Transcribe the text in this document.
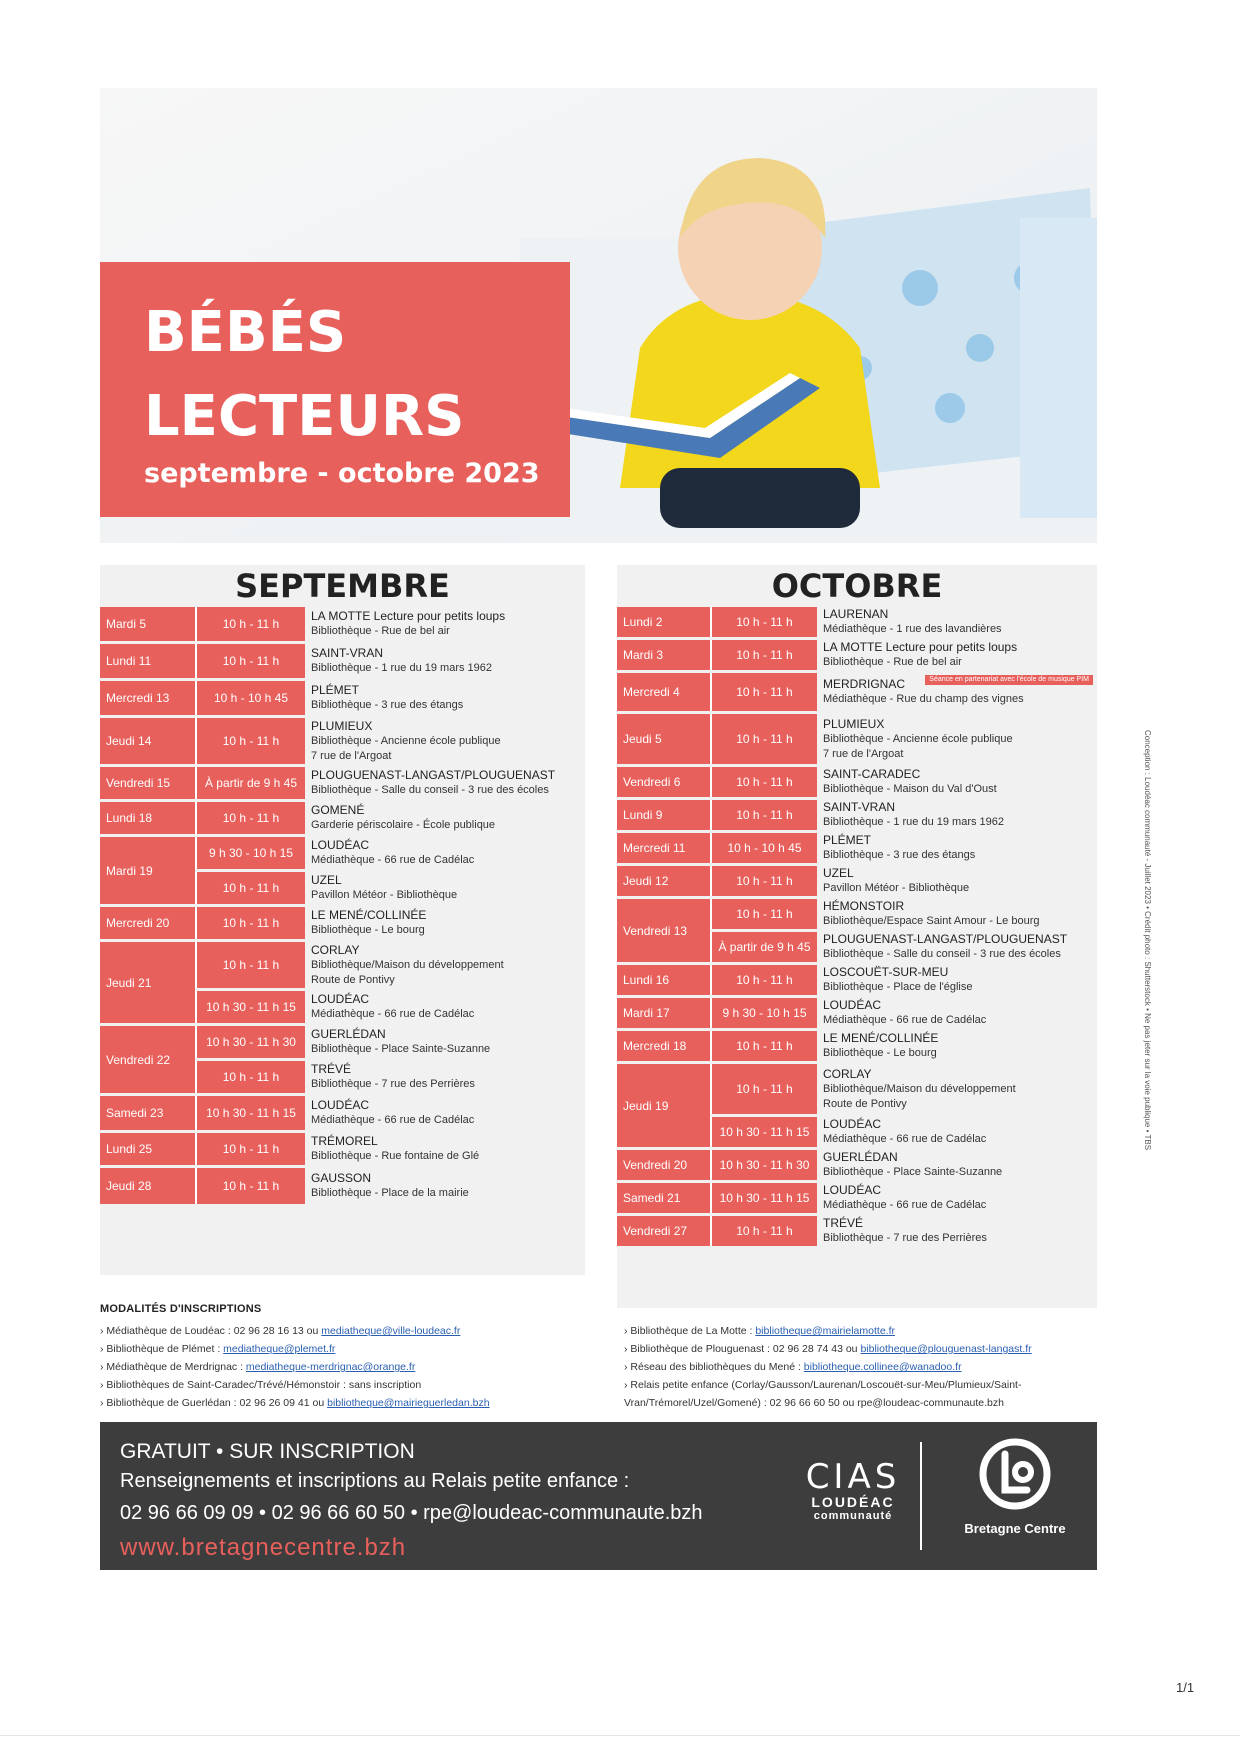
BÉBÉS
LECTEURS
septembre - octobre 2023
SEPTEMBRE
Mardi 5	10 h - 11 h	LA MOTTE Lecture pour petits loups
Bibliothèque - Rue de bel air

Lundi 11	10 h - 11 h	SAINT-VRAN
Bibliothèque - 1 rue du 19 mars 1962

Mercredi 13	10 h - 10 h 45	PLÉMET
Bibliothèque - 3 rue des étangs

Jeudi 14	10 h - 11 h	PLUMIEUX
Bibliothèque - Ancienne école publique
7 rue de l'Argoat

Vendredi 15	À partir de 9 h 45	PLOUGUENAST-LANGAST/PLOUGUENAST
Bibliothèque - Salle du conseil - 3 rue des écoles

Lundi 18	10 h - 11 h	GOMENÉ
Garderie périscolaire - École publique

Mardi 19	9 h 30 - 10 h 15	LOUDÉAC
Médiathèque - 66 rue de Cadélac

	10 h - 11 h	UZEL
Pavillon Météor - Bibliothèque

Mercredi 20	10 h - 11 h	LE MENÉ/COLLINÉE
Bibliothèque - Le bourg

Jeudi 21	10 h - 11 h	CORLAY
Bibliothèque/Maison du développement
Route de Pontivy

	10 h 30 - 11 h 15	LOUDÉAC
Médiathèque - 66 rue de Cadélac

Vendredi 22	10 h 30 - 11 h 30	GUERLÉDAN
Bibliothèque - Place Sainte-Suzanne

	10 h - 11 h	TRÉVÉ
Bibliothèque - 7 rue des Perrières

Samedi 23	10 h 30 - 11 h 15	LOUDÉAC
Médiathèque - 66 rue de Cadélac

Lundi 25	10 h - 11 h	TRÉMOREL
Bibliothèque - Rue fontaine de Glé

Jeudi 28	10 h - 11 h	GAUSSON
Bibliothèque - Place de la mairie
OCTOBRE
Lundi 2	10 h - 11 h	LAURENAN
Médiathèque - 1 rue des lavandières

Mardi 3	10 h - 11 h	LA MOTTE Lecture pour petits loups
Bibliothèque - Rue de bel air

Mercredi 4	10 h - 11 h	MERDRIGNAC Séance en partenariat avec l'école de musique PIM
Médiathèque - Rue du champ des vignes

Jeudi 5	10 h - 11 h	PLUMIEUX
Bibliothèque - Ancienne école publique
7 rue de l'Argoat

Vendredi 6	10 h - 11 h	SAINT-CARADEC
Bibliothèque - Maison du Val d'Oust

Lundi 9	10 h - 11 h	SAINT-VRAN
Bibliothèque - 1 rue du 19 mars 1962

Mercredi 11	10 h - 10 h 45	PLÉMET
Bibliothèque - 3 rue des étangs

Jeudi 12	10 h - 11 h	UZEL
Pavillon Météor - Bibliothèque

Vendredi 13	10 h - 11 h	HÉMONSTOIR
Bibliothèque/Espace Saint Amour - Le bourg

	À partir de 9 h 45	PLOUGUENAST-LANGAST/PLOUGUENAST
Bibliothèque - Salle du conseil - 3 rue des écoles

Lundi 16	10 h - 11 h	LOSCOUËT-SUR-MEU
Bibliothèque - Place de l'église

Mardi 17	9 h 30 - 10 h 15	LOUDÉAC
Médiathèque - 66 rue de Cadélac

Mercredi 18	10 h - 11 h	LE MENÉ/COLLINÉE
Bibliothèque - Le bourg

Jeudi 19	10 h - 11 h	CORLAY
Bibliothèque/Maison du développement
Route de Pontivy

	10 h 30 - 11 h 15	LOUDÉAC
Médiathèque - 66 rue de Cadélac

Vendredi 20	10 h 30 - 11 h 30	GUERLÉDAN
Bibliothèque - Place Sainte-Suzanne

Samedi 21	10 h 30 - 11 h 15	LOUDÉAC
Médiathèque - 66 rue de Cadélac

Vendredi 27	10 h - 11 h	TRÉVÉ
Bibliothèque - 7 rue des Perrières
MODALITÉS D'INSCRIPTIONS
› Médiathèque de Loudéac : 02 96 28 16 13 ou mediatheque@ville-loudeac.fr
› Bibliothèque de Plémet : mediatheque@plemet.fr
› Médiathèque de Merdrignac : mediatheque-merdrignac@orange.fr
› Bibliothèques de Saint-Caradec/Trévé/Hémonstoir : sans inscription
› Bibliothèque de Guerlédan : 02 96 26 09 41 ou bibliotheque@mairieguerledan.bzh
› Bibliothèque de La Motte : bibliotheque@mairielamotte.fr
› Bibliothèque de Plouguenast : 02 96 28 74 43 ou bibliotheque@plouguenast-langast.fr
› Réseau des bibliothèques du Mené : bibliotheque.collinee@wanadoo.fr
› Relais petite enfance (Corlay/Gausson/Laurenan/Loscouët-sur-Meu/Plumieux/Saint-Vran/Trémorel/Uzel/Gomené) : 02 96 66 60 50 ou rpe@loudeac-communaute.bzh
GRATUIT • SUR INSCRIPTION
Renseignements et inscriptions au Relais petite enfance :
02 96 66 09 09 • 02 96 66 60 50 • rpe@loudeac-communaute.bzh
www.bretagnecentre.bzh
CIAS
LOUDÉAC
communauté
Bretagne Centre
Conception : Loudéac communauté - Juillet 2023 • Crédit photo : Shutterstock • Ne pas jeter sur la voie publique • TBS
1/1
